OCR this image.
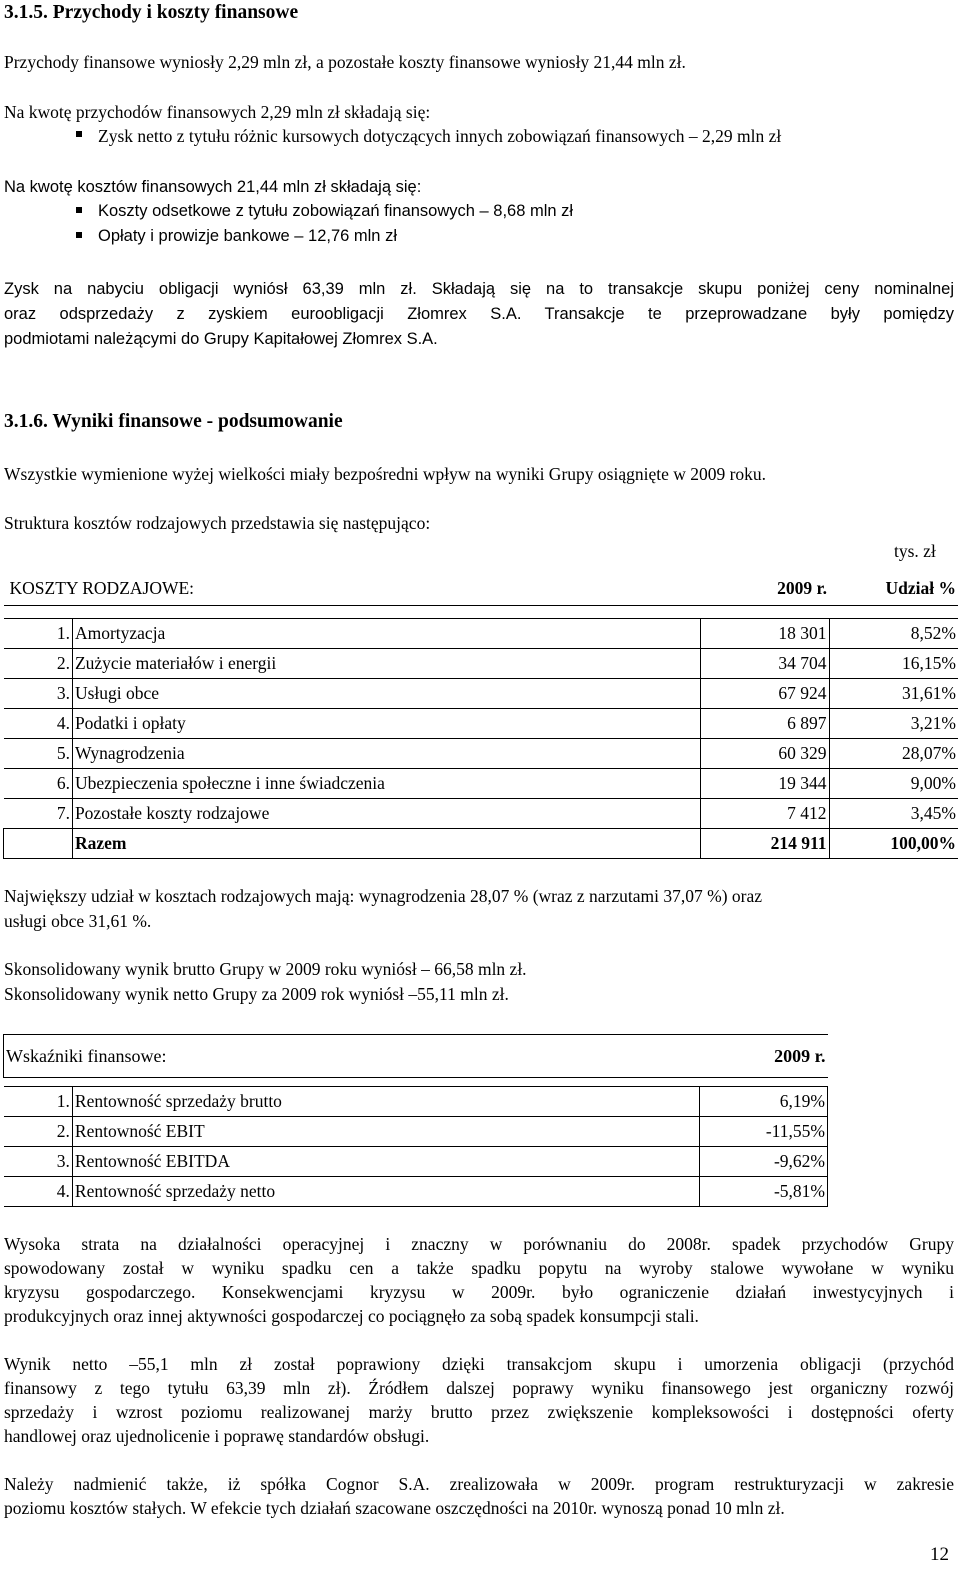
3.1.5. Przychody i koszty finansowe
Przychody finansowe wyniosły 2,29 mln zł, a pozostałe koszty finansowe wyniosły 21,44 mln zł.
Na kwotę przychodów finansowych 2,29 mln zł składają się:
Zysk netto z tytułu różnic kursowych dotyczących innych zobowiązań finansowych – 2,29 mln zł
Na kwotę kosztów finansowych 21,44 mln zł składają się:
Koszty odsetkowe z tytułu zobowiązań finansowych – 8,68 mln zł
Opłaty i prowizje bankowe – 12,76 mln zł
Zysk na nabyciu obligacji wyniósł 63,39 mln zł. Składają się na to transakcje skupu poniżej ceny nominalnej
oraz odsprzedaży z zyskiem euroobligacji Złomrex S.A. Transakcje te przeprowadzane były pomiędzy
podmiotami należącymi do Grupy Kapitałowej Złomrex S.A.
3.1.6. Wyniki finansowe - podsumowanie
Wszystkie wymienione wyżej wielkości miały bezpośredni wpływ na wyniki Grupy osiągnięte w 2009 roku.
Struktura kosztów rodzajowych przedstawia się następująco:
tys. zł
KOSZTY RODZAJOWE:		2009 r.	Udział %

1.	Amortyzacja	18 301	8,52%
2.	Zużycie materiałów i energii	34 704	16,15%
3.	Usługi obce	67 924	31,61%
4.	Podatki i opłaty	6 897	3,21%
5.	Wynagrodzenia	60 329	28,07%
6.	Ubezpieczenia społeczne i inne świadczenia	19 344	9,00%
7.	Pozostałe koszty rodzajowe	7 412	3,45%
	Razem	214 911	100,00%
Największy udział w kosztach rodzajowych mają: wynagrodzenia 28,07 % (wraz z narzutami 37,07 %) oraz
usługi obce 31,61 %.
Skonsolidowany wynik brutto Grupy w 2009 roku wyniósł – 66,58 mln zł.
Skonsolidowany wynik netto Grupy za 2009 rok wyniósł –55,11 mln zł.
Wskaźniki finansowe:		2009 r.

1.	Rentowność sprzedaży brutto	6,19%
2.	Rentowność EBIT	-11,55%
3.	Rentowność EBITDA	-9,62%
4.	Rentowność sprzedaży netto	-5,81%
Wysoka strata na działalności operacyjnej i znaczny w porównaniu do 2008r. spadek przychodów Grupy
spowodowany został w wyniku spadku cen a także spadku popytu na wyroby stalowe wywołane w wyniku
kryzysu gospodarczego. Konsekwencjami kryzysu w 2009r. było ograniczenie działań inwestycyjnych i
produkcyjnych oraz innej aktywności gospodarczej co pociągnęło za sobą spadek konsumpcji stali.
Wynik netto –55,1 mln zł został poprawiony dzięki transakcjom skupu i umorzenia obligacji (przychód
finansowy z tego tytułu 63,39 mln zł). Źródłem dalszej poprawy wyniku finansowego jest organiczny rozwój
sprzedaży i wzrost poziomu realizowanej marży brutto przez zwiększenie kompleksowości i dostępności oferty
handlowej oraz ujednolicenie i poprawę standardów obsługi.
Należy nadmienić także, iż spółka Cognor S.A. zrealizowała w 2009r. program restrukturyzacji w zakresie
poziomu kosztów stałych. W efekcie tych działań szacowane oszczędności na 2010r. wynoszą ponad 10 mln zł.
12
